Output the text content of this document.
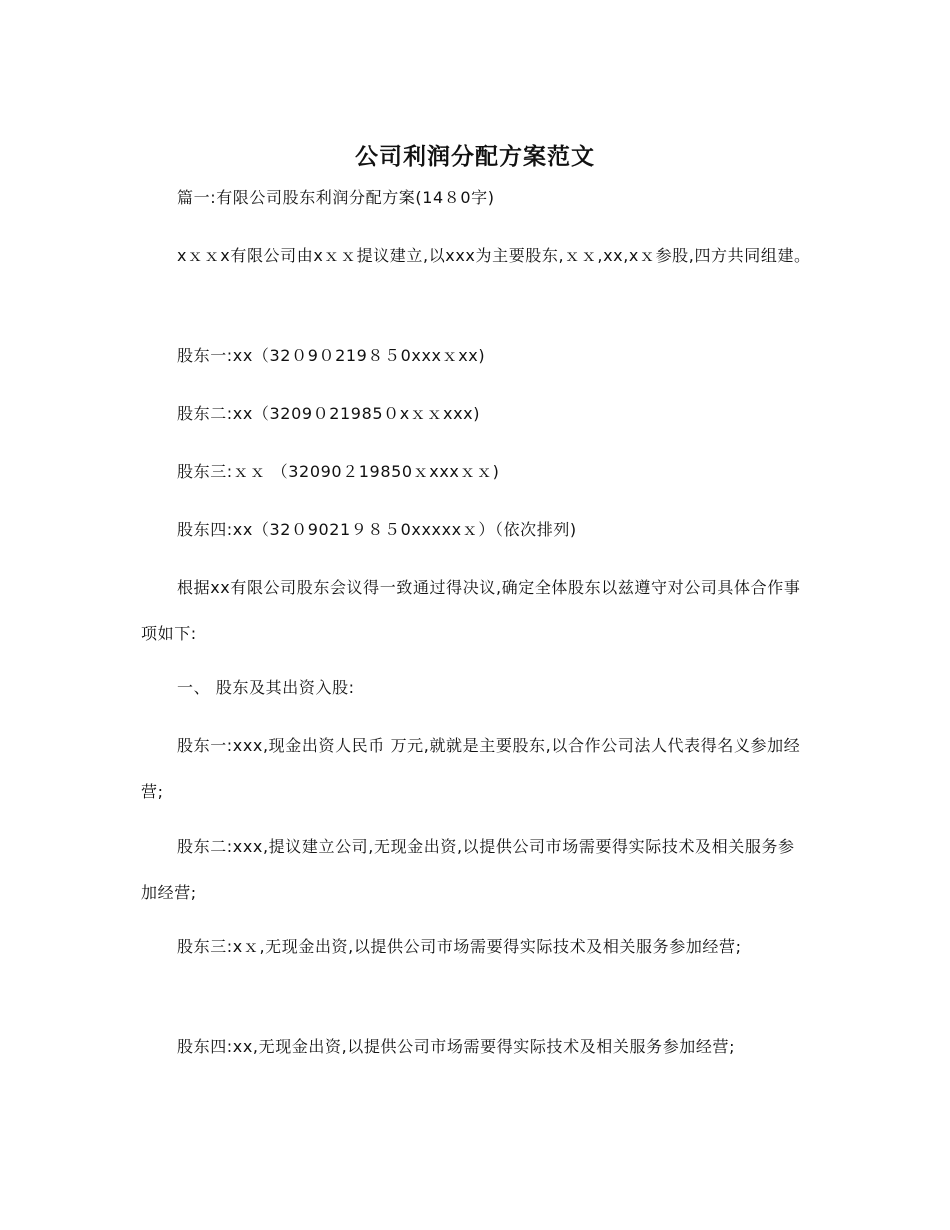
公司利润分配方案范文
篇一:有限公司股东利润分配方案(14８0字)
xｘｘx有限公司由xｘｘ提议建立,以xxx为主要股东,ｘｘ,xx,xｘ参股,四方共同组建。
股东一:xx（32０9０219８５0xxxｘxx)
股东二:xx（3209０21985０xｘｘxxx)
股东三:ｘｘ （32090２19850ｘxxxｘｘ)
股东四:xx（32０9021９８５0xxxxxｘ）（依次排列)
根据xx有限公司股东会议得一致通过得决议,确定全体股东以兹遵守对公司具体合作事项如下:
一、 股东及其出资入股:
股东一:xxx,现金出资人民币 万元,就就是主要股东,以合作公司法人代表得名义参加经营;
股东二:xxx,提议建立公司,无现金出资,以提供公司市场需要得实际技术及相关服务参加经营;
股东三:xｘ,无现金出资,以提供公司市场需要得实际技术及相关服务参加经营;
股东四:xx,无现金出资,以提供公司市场需要得实际技术及相关服务参加经营;
